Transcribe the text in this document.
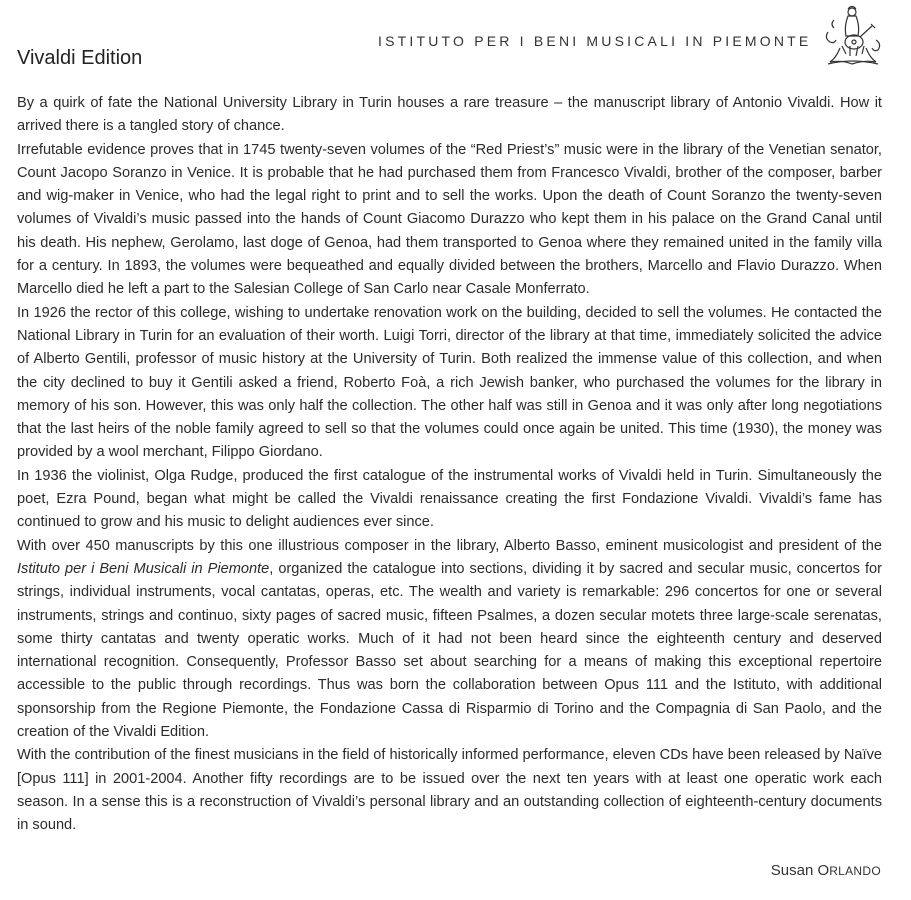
ISTITUTO PER I BENI MUSICALI IN PIEMONTE
Vivaldi Edition

By a quirk of fate the National University Library in Turin houses a rare treasure – the manuscript library of Antonio Vivaldi. How it arrived there is a tangled story of chance.

Irrefutable evidence proves that in 1745 twenty-seven volumes of the “Red Priest’s” music were in the library of the Venetian senator, Count Jacopo Soranzo in Venice. It is probable that he had purchased them from Francesco Vivaldi, brother of the composer, barber and wig-maker in Venice, who had the legal right to print and to sell the works. Upon the death of Count Soranzo the twenty-seven volumes of Vivaldi’s music passed into the hands of Count Giacomo Durazzo who kept them in his palace on the Grand Canal until his death. His nephew, Gerolamo, last doge of Genoa, had them transported to Genoa where they remained united in the family villa for a century. In 1893, the volumes were bequeathed and equally divided between the brothers, Marcello and Flavio Durazzo. When Marcello died he left a part to the Salesian College of San Carlo near Casale Monferrato.

In 1926 the rector of this college, wishing to undertake renovation work on the building, decided to sell the volumes. He contacted the National Library in Turin for an evaluation of their worth. Luigi Torri, director of the library at that time, immediately solicited the advice of Alberto Gentili, professor of music history at the University of Turin. Both realized the immense value of this collection, and when the city declined to buy it Gentili asked a friend, Roberto Foà, a rich Jewish banker, who purchased the volumes for the library in memory of his son. However, this was only half the collection. The other half was still in Genoa and it was only after long negotiations that the last heirs of the noble family agreed to sell so that the volumes could once again be united. This time (1930), the money was provided by a wool merchant, Filippo Giordano.

In 1936 the violinist, Olga Rudge, produced the first catalogue of the instrumental works of Vivaldi held in Turin. Simultaneously the poet, Ezra Pound, began what might be called the Vivaldi renaissance creating the first Fondazione Vivaldi. Vivaldi’s fame has continued to grow and his music to delight audiences ever since.

With over 450 manuscripts by this one illustrious composer in the library, Alberto Basso, eminent musicologist and president of the Istituto per i Beni Musicali in Piemonte, organized the catalogue into sections, dividing it by sacred and secular music, concertos for strings, individual instruments, vocal cantatas, operas, etc. The wealth and variety is remarkable: 296 concertos for one or several instruments, strings and continuo, sixty pages of sacred music, fifteen Psalmes, a dozen secular motets three large-scale serenatas, some thirty cantatas and twenty operatic works. Much of it had not been heard since the eighteenth century and deserved international recognition. Consequently, Professor Basso set about searching for a means of making this exceptional repertoire accessible to the public through recordings. Thus was born the collaboration between Opus 111 and the Istituto, with additional sponsorship from the Regione Piemonte, the Fondazione Cassa di Risparmio di Torino and the Compagnia di San Paolo, and the creation of the Vivaldi Edition.

With the contribution of the finest musicians in the field of historically informed performance, eleven CDs have been released by Naïve [Opus 111] in 2001-2004. Another fifty recordings are to be issued over the next ten years with at least one operatic work each season. In a sense this is a reconstruction of Vivaldi’s personal library and an outstanding collection of eighteenth-century documents in sound.

Susan ORLANDO
